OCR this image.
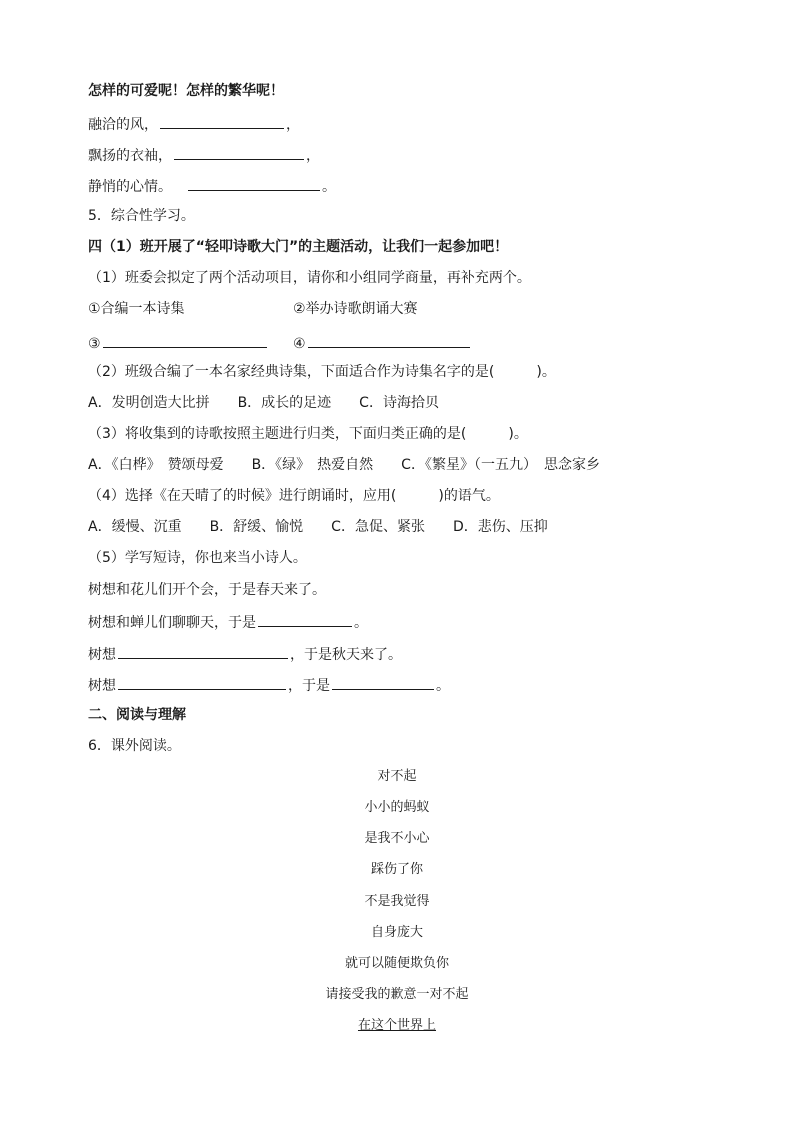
怎样的可爱呢！怎样的繁华呢！
融洽的风，	，
飘扬的衣袖，	，
静悄的心情。	。
5．综合性学习。
四（1）班开展了“轻叩诗歌大门”的主题活动，让我们一起参加吧！
（1）班委会拟定了两个活动项目，请你和小组同学商量，再补充两个。
①合编一本诗集	②举办诗歌朗诵大赛
③	④
（2）班级合编了一本名家经典诗集，下面适合作为诗集名字的是(	)。
A．发明创造大比拼　　B．成长的足迹　　C．诗海拾贝
（3）将收集到的诗歌按照主题进行归类，下面归类正确的是(	)。
A．《白桦》　赞颂母爱　　B．《绿》　热爱自然　　C．《繁星》（一五九）　思念家乡
（4）选择《在天晴了的时候》进行朗诵时，应用(	)的语气。
A．缓慢、沉重　　B．舒缓、愉悦　　C．急促、紧张　　D．悲伤、压抑
（5）学写短诗，你也来当小诗人。
树想和花儿们开个会，于是春天来了。
树想和蝉儿们聊聊天，于是	。
树想	，于是秋天来了。
树想	，于是	。
二、阅读与理解
6．课外阅读。
对不起
小小的蚂蚁
是我不小心
踩伤了你
不是我觉得
自身庞大
就可以随便欺负你
请接受我的歉意一对不起
在这个世界上
